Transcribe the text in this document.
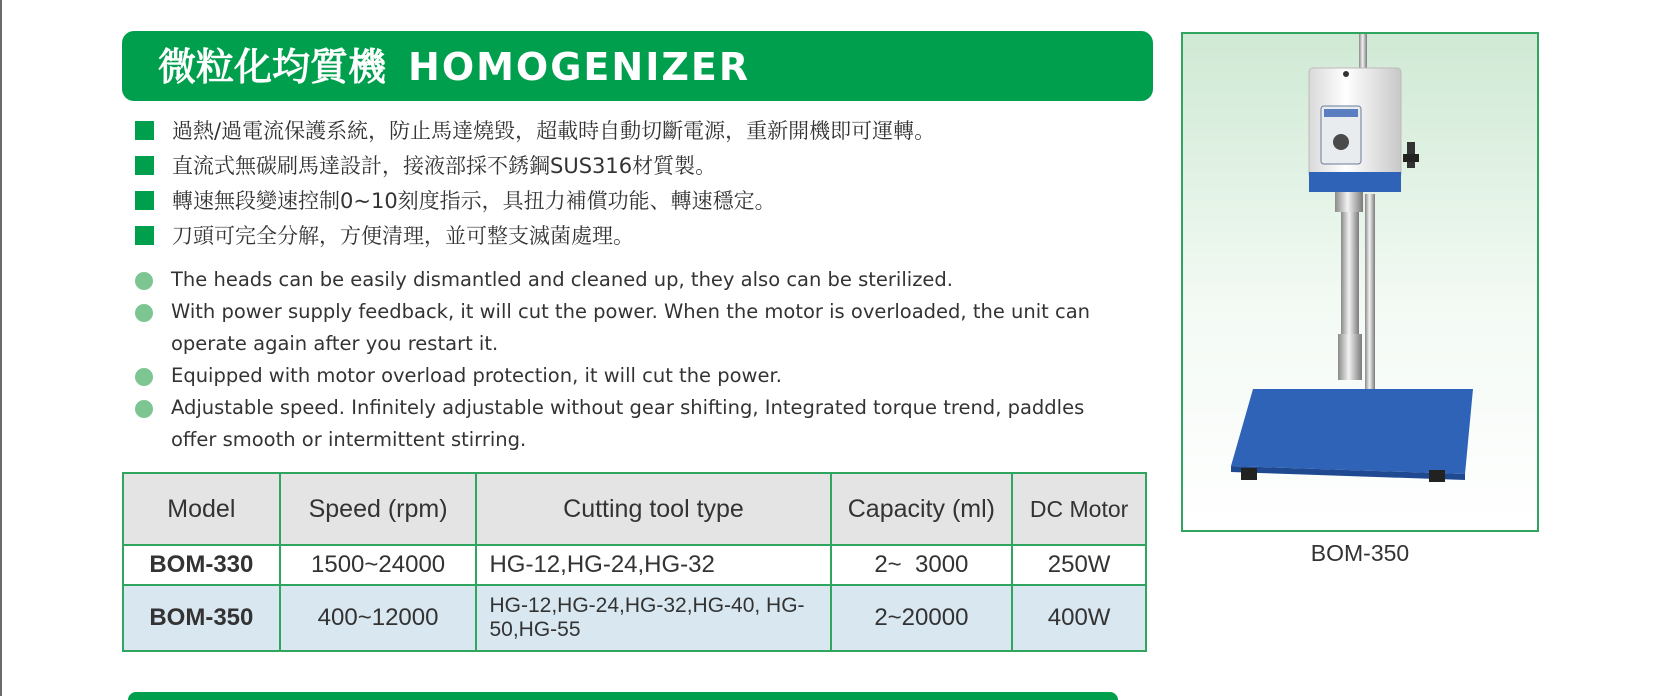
微粒化均質機 HOMOGENIZER
過熱/過電流保護系統，防止馬達燒毀，超載時自動切斷電源，重新開機即可運轉。
直流式無碳刷馬達設計，接液部採不銹鋼SUS316材質製。
轉速無段變速控制0~10刻度指示，具扭力補償功能、轉速穩定。
刀頭可完全分解，方便清理，並可整支滅菌處理。
The heads can be easily dismantled and cleaned up, they also can be sterilized.
With power supply feedback, it will cut the power. When the motor is overloaded, the unit can operate again after you restart it.
Equipped with motor overload protection, it will cut the power.
Adjustable speed. Infinitely adjustable without gear shifting, Integrated torque trend, paddles offer smooth or intermittent stirring.
Model	Speed (rpm)	Cutting tool type	Capacity (ml)	DC Motor
BOM-330	1500~24000	HG-12,HG-24,HG-32	2~  3000	250W
BOM-350	400~12000	HG-12,HG-24,HG-32,HG-40, HG-50,HG-55	2~20000	400W
BOM-350
